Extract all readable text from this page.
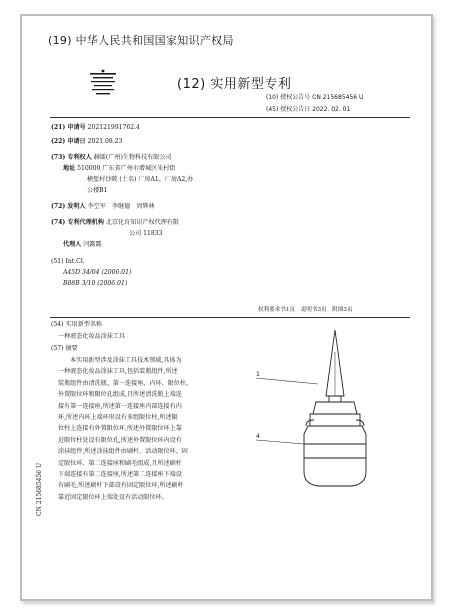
(19) 中华人民共和国国家知识产权局
(12) 实用新型专利
(10) 授权公告号 CN 215685456 U
(45) 授权公告日 2022. 02. 01
(21) 申请号 202121991762.4
(22) 申请日 2021.08.23
(73) 专利权人 赫镭(广州)生物科技有限公司
地址 510000 广东省广州市增城区朱村街
横堑村沙陂 (土名) 厂房A1、厂房A2,办
公楼B1
(72) 发明人 李空军　李继德　周辉林
(74) 专利代理机构 北京化育知识产权代理有限
公司 11833
代理人 闫露露
(51) Int.Cl.
A45D 34/04 (2006.01)
B08B 3/10 (2006.01)
权利要求书1页　说明书3页　附图3页
(54) 实用新型名称
一种液态化妆品涂抹工具
(57) 摘要
本实用新型涉及涂抹工具技术领域,具体为
一种液态化妆品涂抹工具,包括装瓶组件,所述
装瓶组件由清洗瓶、第一连接座、内环、限位柱、
外置限位环和限位孔组成,且所述清洗瓶上端连
接有第一连接座,所述第一连接座内部连接有内
环,所述内环上端环形设有多组限位柱,所述限
位柱上连接有外置限位环,所述外置限位环上靠
近限位柱处设有限位孔,所述外置限位环内设有
涂抹组件,所述涂抹组件由刷杆、活动限位环、固
定限位环、第二连接座和刷毛组成,且所述刷杆
下端连接有第二连接座,所述第二连接座下端设
有刷毛,所述刷杆下部设有固定限位环,所述刷杆
靠近固定限位环上端处设有活动限位环。
1
4
CN 215685456 U
